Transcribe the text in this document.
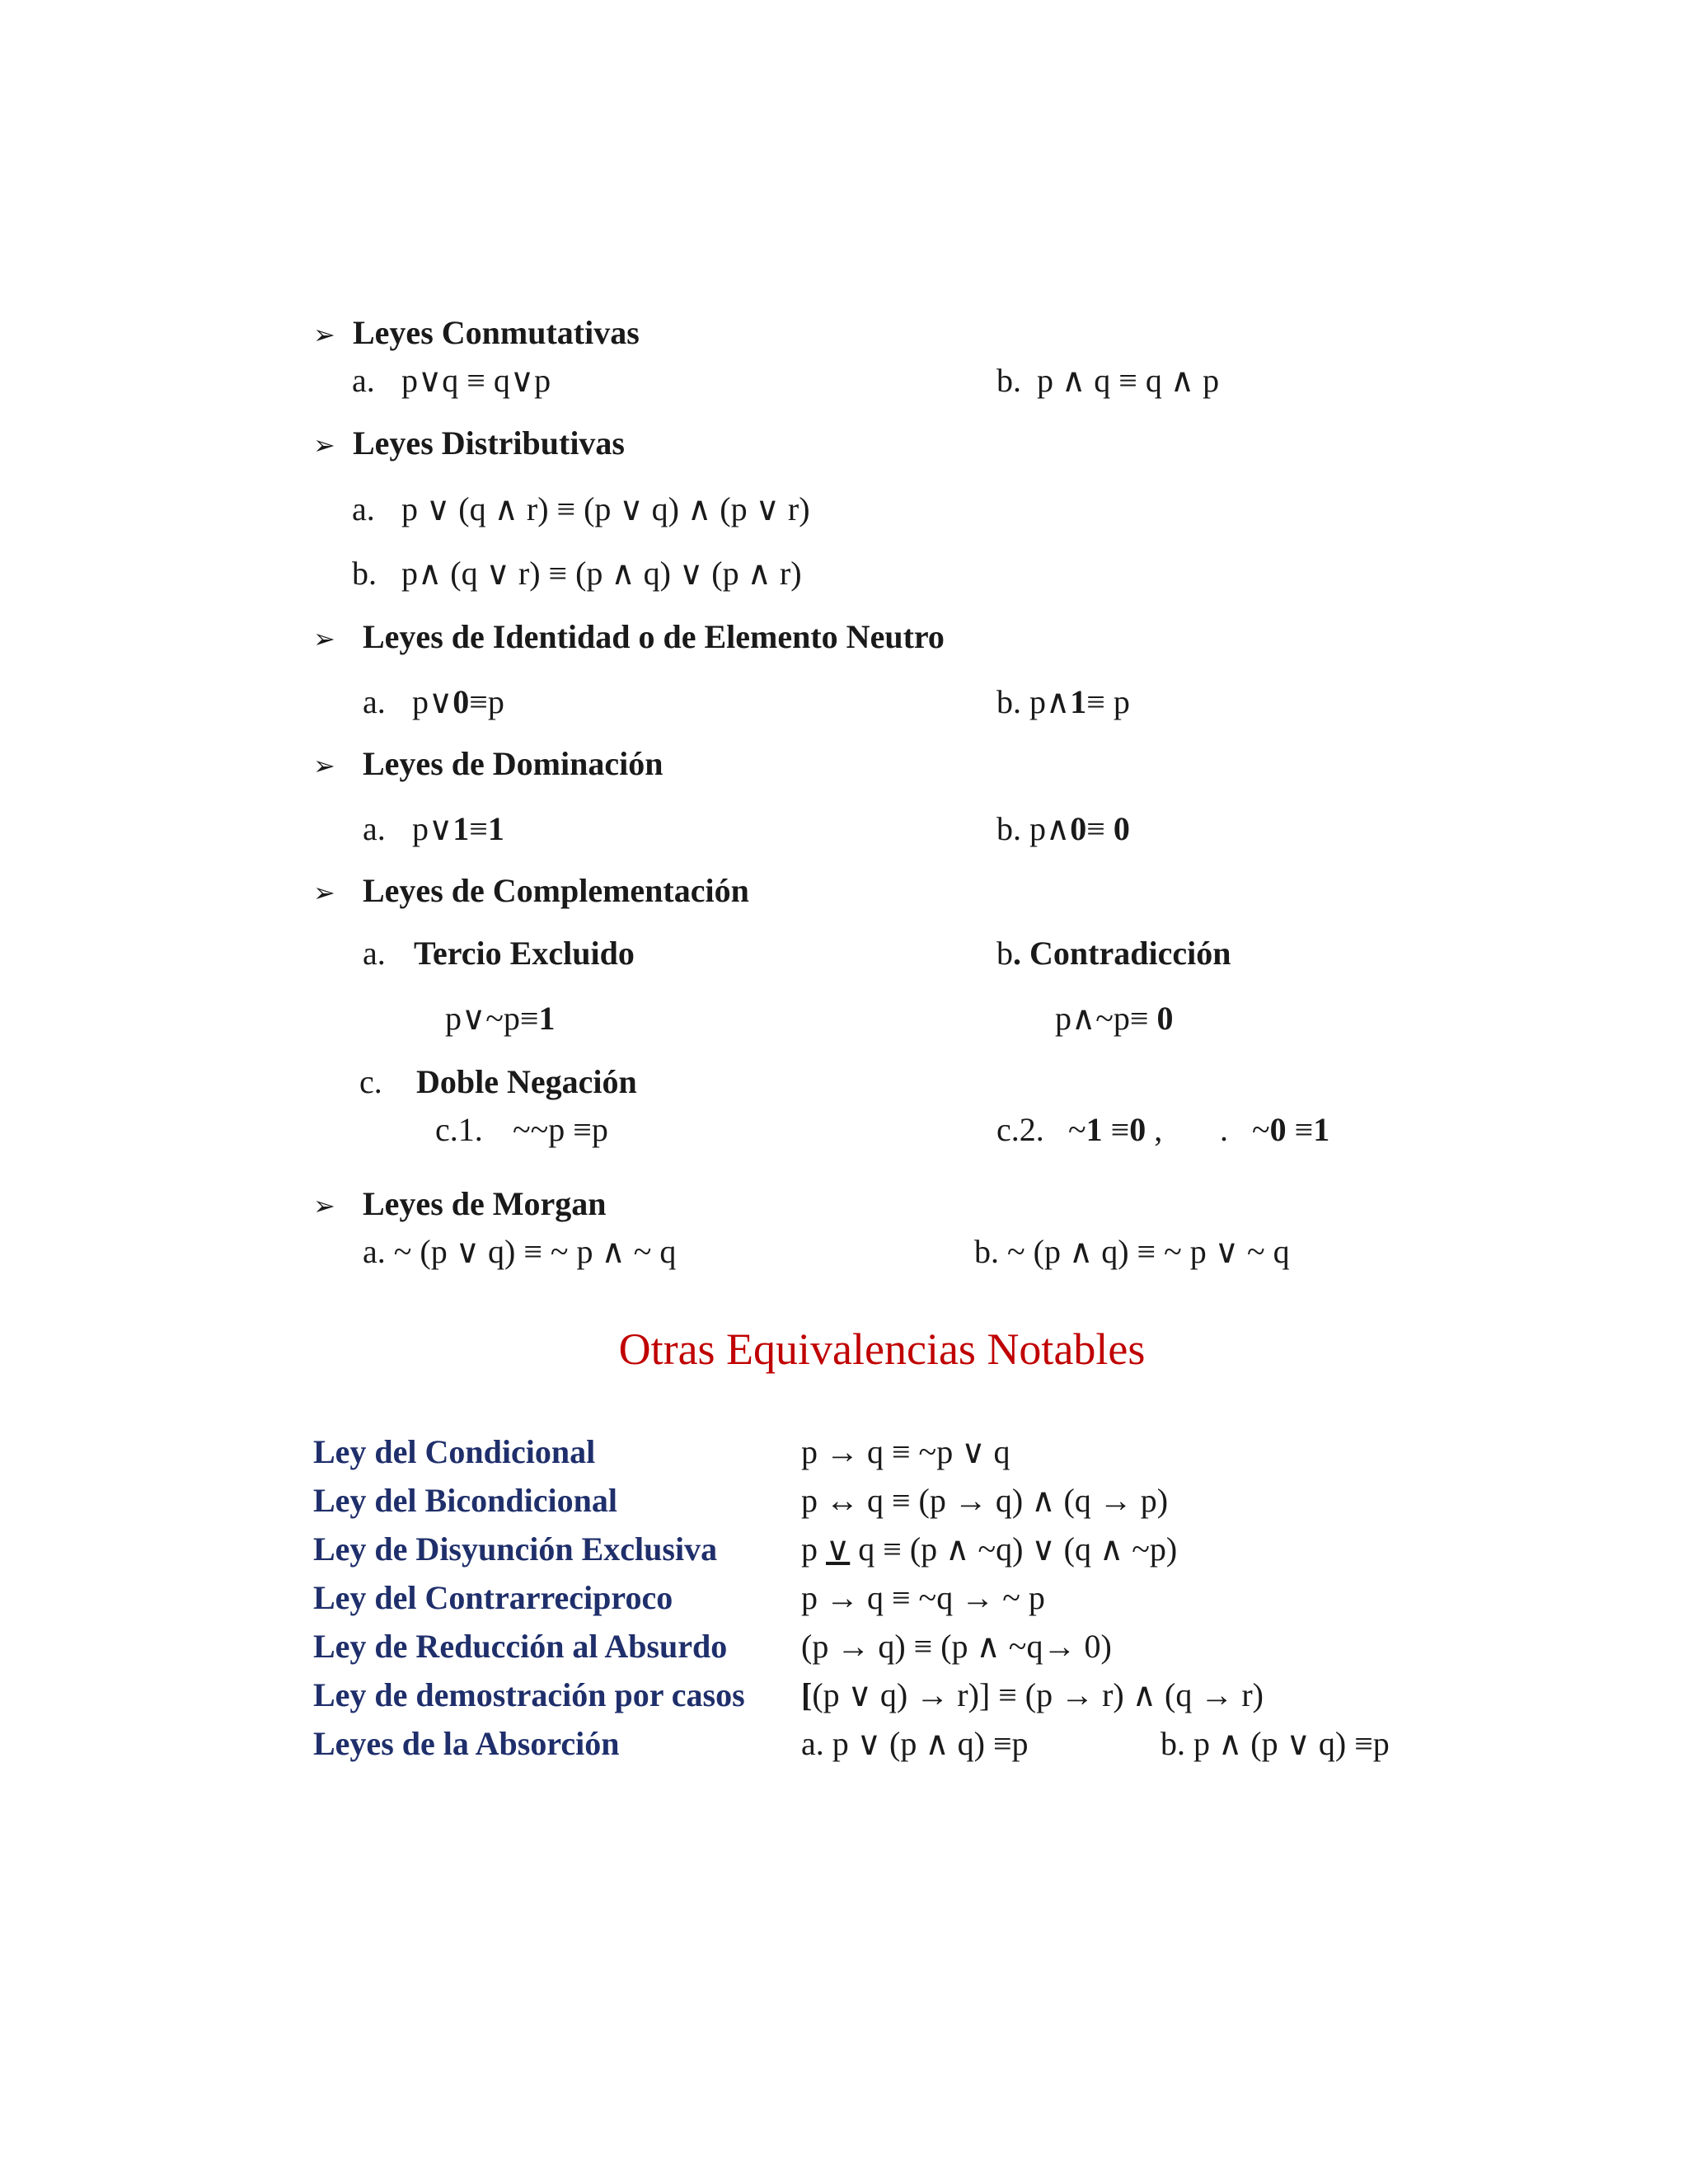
➢ Leyes Conmutativas
a. p∨q ≡ q∨p	b. p ∧ q ≡ q ∧ p
➢ Leyes Distributivas
a. p ∨ (q ∧ r) ≡ (p ∨ q) ∧ (p ∨ r)
b. p∧ (q ∨ r) ≡ (p ∧ q) ∨ (p ∧ r)
➢ Leyes de Identidad o de Elemento Neutro
a. p∨0≡p	b. p∧1≡ p
➢ Leyes de Dominación
a. p∨1≡1	b. p∧0≡ 0
➢ Leyes de Complementación
a. Tercio Excluido	b. Contradicción
p∨~p≡1	p∧~p≡ 0
c. Doble Negación
c.1. ~~p ≡p	c.2. ~1 ≡0 , . ~0 ≡1
➢ Leyes de Morgan
a. ~ (p ∨ q) ≡ ~ p ∧ ~ q	b. ~ (p ∧ q) ≡ ~ p ∨ ~ q
Otras Equivalencias Notables
Ley del Condicional	p → q ≡ ~p ∨ q
Ley del Bicondicional	p ↔ q ≡ (p → q) ∧ (q → p)
Ley de Disyunción Exclusiva	p ∨ q ≡ (p ∧ ~q) ∨ (q ∧ ~p)
Ley del Contrarreciproco	p → q ≡ ~q → ~ p
Ley de Reducción al Absurdo (p → q) ≡ (p ∧ ~q→ 0)
Ley de demostración por casos [(p ∨ q) → r)] ≡ (p → r) ∧ (q → r)
Leyes de la Absorción	a. p ∨ (p ∧ q) ≡p	b. p ∧ (p ∨ q) ≡p
